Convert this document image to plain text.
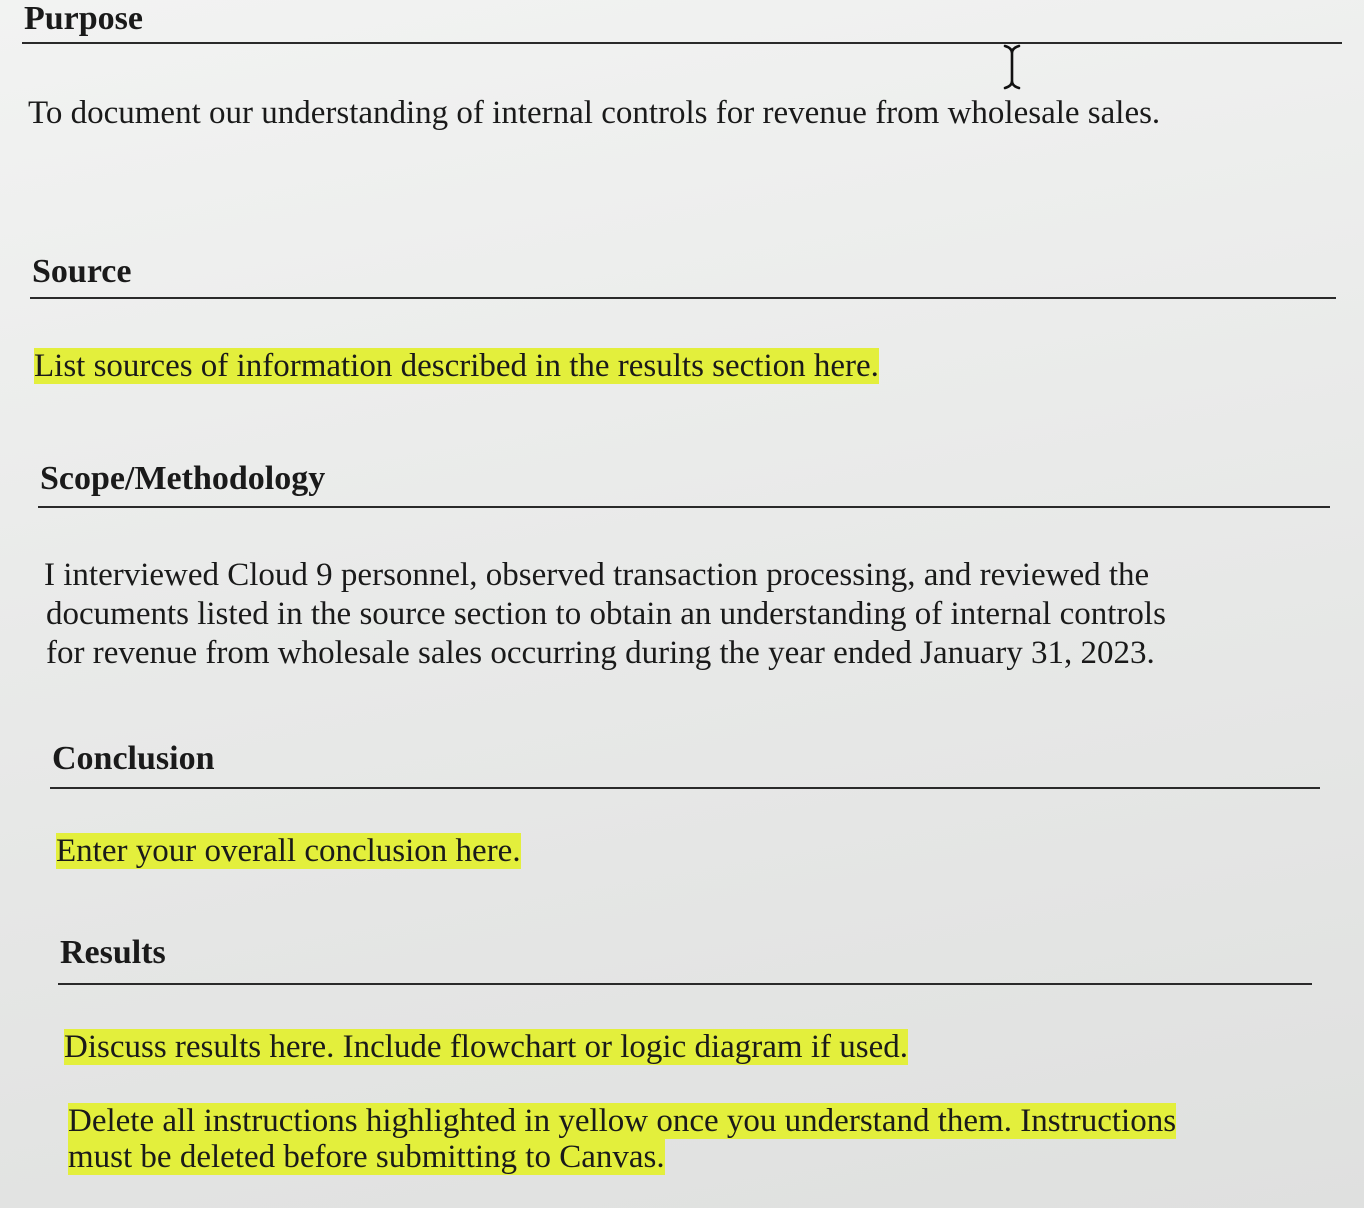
Purpose

To document our understanding of internal controls for revenue from wholesale sales.

Source

List sources of information described in the results section here.

Scope/Methodology

I interviewed Cloud 9 personnel, observed transaction processing, and reviewed the

documents listed in the source section to obtain an understanding of internal controls

for revenue from wholesale sales occurring during the year ended January 31, 2023.

Conclusion

Enter your overall conclusion here.

Results

Discuss results here. Include flowchart or logic diagram if used.

Delete all instructions highlighted in yellow once you understand them. Instructions

must be deleted before submitting to Canvas.
